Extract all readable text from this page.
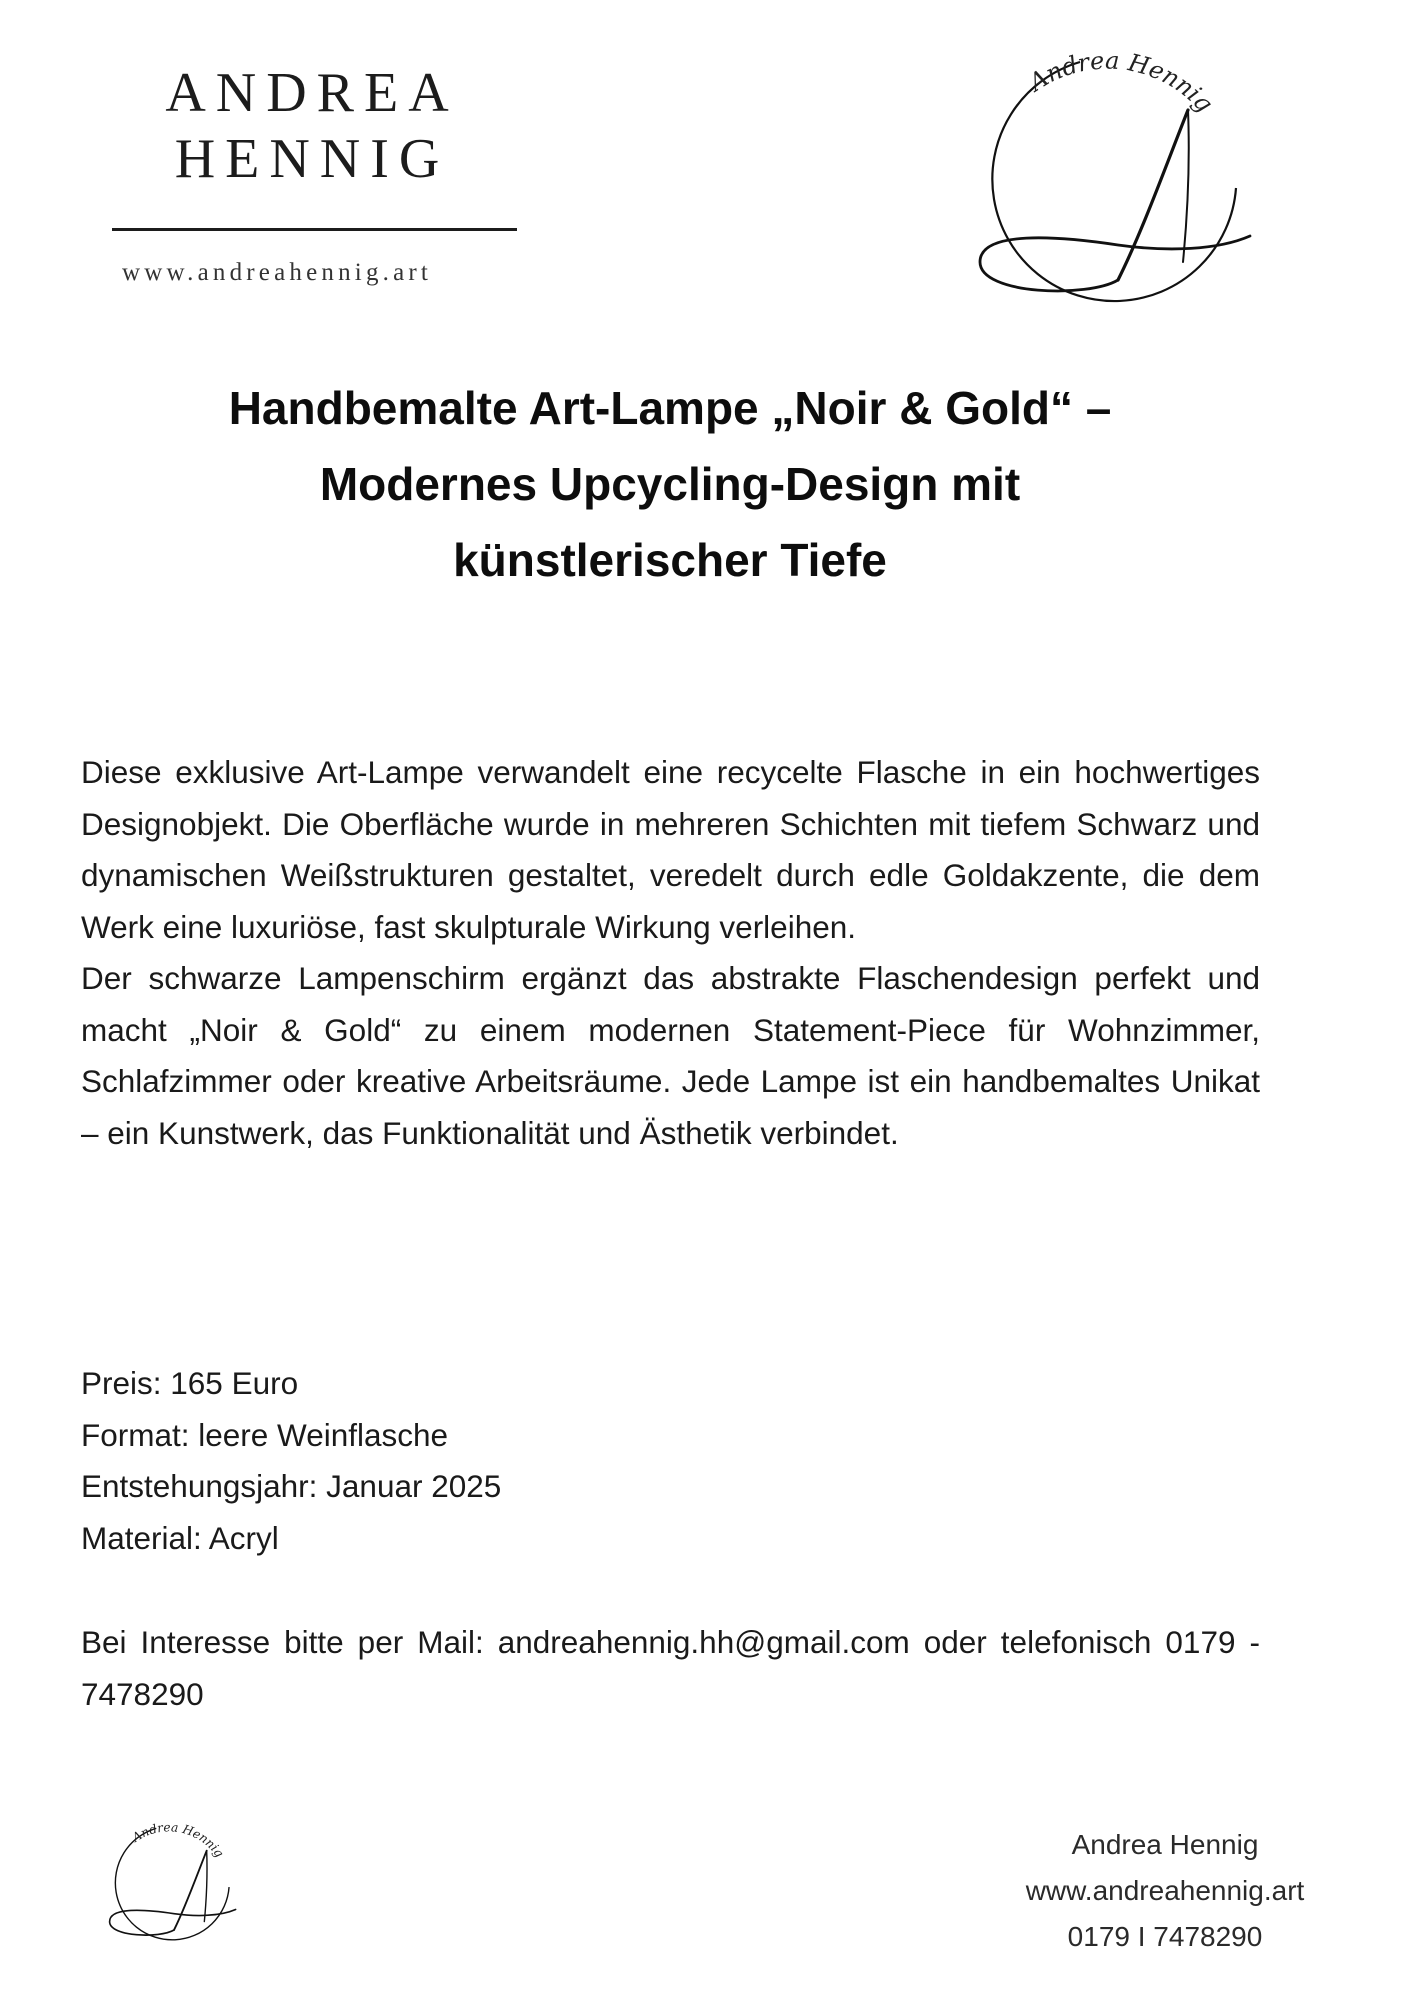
ANDREA
HENNIG
www.andreahennig.art
Andrea Hennig
Handbemalte Art-Lampe „Noir & Gold“ –
Modernes Upcycling-Design mit
künstlerischer Tiefe

Diese exklusive Art-Lampe verwandelt eine recycelte Flasche in ein hochwertiges Designobjekt. Die Oberfläche wurde in mehreren Schichten mit tiefem Schwarz und dynamischen Weißstrukturen gestaltet, veredelt durch edle Goldakzente, die dem Werk eine luxuriöse, fast skulpturale Wirkung verleihen.

Der schwarze Lampenschirm ergänzt das abstrakte Flaschendesign perfekt und macht „Noir & Gold“ zu einem modernen Statement-Piece für Wohnzimmer, Schlafzimmer oder kreative Arbeitsräume. Jede Lampe ist ein handbemaltes Unikat – ein Kunstwerk, das Funktionalität und Ästhetik verbindet.

Preis: 165 Euro
Format: leere Weinflasche
Entstehungsjahr: Januar 2025
Material: Acryl

Bei Interesse bitte per Mail: andreahennig.hh@gmail.com oder telefonisch 0179 - 7478290

Andrea Hennig	Andrea Hennig
www.andreahennig.art
0179 I 7478290
